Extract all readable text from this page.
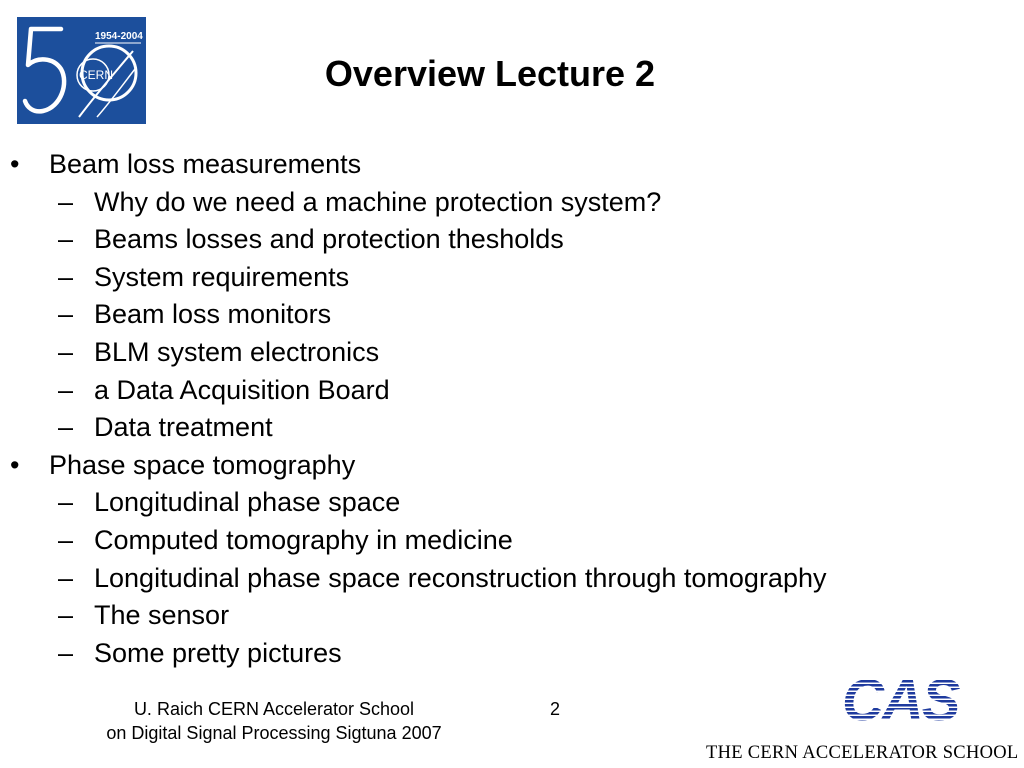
1954-2004
CERN	Overview Lecture 2
• Beam loss measurements
– Why do we need a machine protection system?
– Beams losses and protection thesholds
– System requirements
– Beam loss monitors
– BLM system electronics
– a Data Acquisition Board
– Data treatment
• Phase space tomography
– Longitudinal phase space
– Computed tomography in medicine
– Longitudinal phase space reconstruction through tomography
– The sensor
– Some pretty pictures
U. Raich CERN Accelerator School
on Digital Signal Processing Sigtuna 2007
2	CAS
THE CERN ACCELERATOR SCHOOL
